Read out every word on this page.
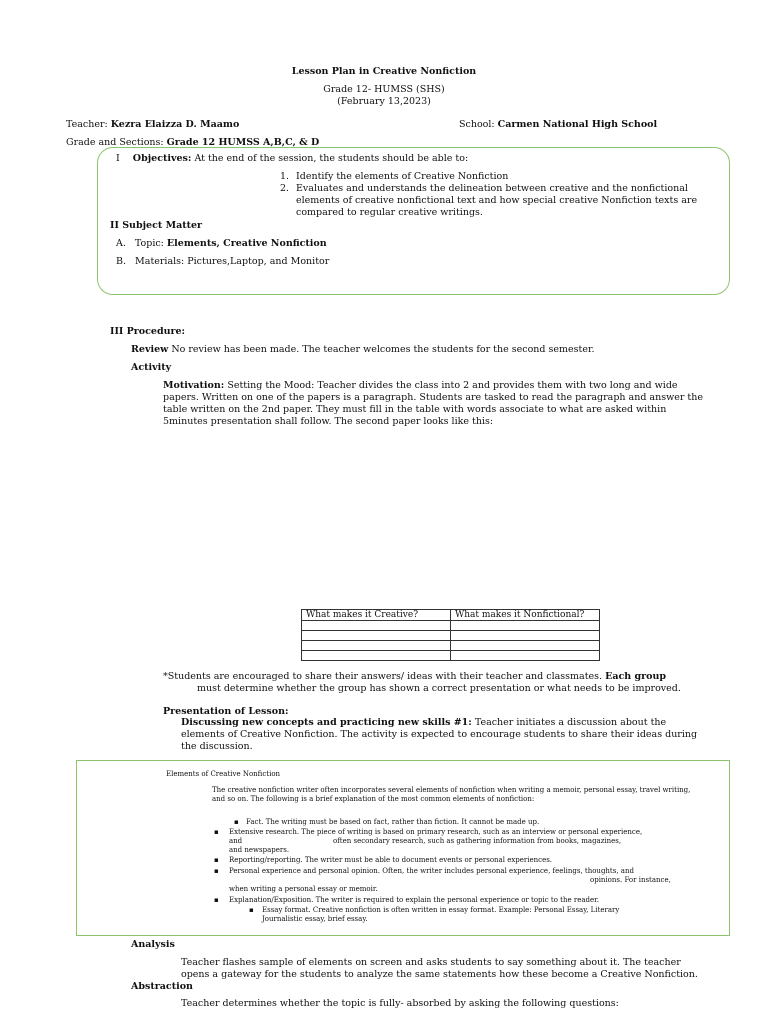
Lesson Plan in Creative Nonfiction
Grade 12- HUMSS (SHS)
(February 13,2023)
Teacher: Kezra Elaizza D. Maamo	School: Carmen National High School
Grade and Sections: Grade 12 HUMSS A,B,C, & D
I Objectives: At the end of the session, the students should be able to:
1. Identify the elements of Creative Nonfiction
2. Evaluates and understands the delineation between creative and the nonfictional elements of creative nonfictional text and how special creative Nonfiction texts are compared to regular creative writings.
II Subject Matter
A. Topic: Elements, Creative Nonfiction
B. Materials: Pictures,Laptop, and Monitor
III Procedure:
Review No review has been made. The teacher welcomes the students for the second semester.
Activity
Motivation: Setting the Mood: Teacher divides the class into 2 and provides them with two long and wide papers. Written on one of the papers is a paragraph. Students are tasked to read the paragraph and answer the table written on the 2nd paper. They must fill in the table with words associate to what are asked within 5minutes presentation shall follow. The second paper looks like this:
What makes it Creative?	What makes it Nonfictional?

*Students are encouraged to share their answers/ ideas with their teacher and classmates. Each group
must determine whether the group has shown a correct presentation or what needs to be improved.
Presentation of Lesson:
Discussing new concepts and practicing new skills #1: Teacher initiates a discussion about the elements of Creative Nonfiction. The activity is expected to encourage students to share their ideas during the discussion.
Elements of Creative Nonfiction
The creative nonfiction writer often incorporates several elements of nonfiction when writing a memoir, personal essay, travel writing, and so on. The following is a brief explanation of the most common elements of nonfiction:
▪ Fact. The writing must be based on fact, rather than fiction. It cannot be made up.
▪ Extensive research. The piece of writing is based on primary research, such as an interview or personal experience,
and	often secondary research, such as gathering information from books, magazines,
and newspapers.
▪ Reporting/reporting. The writer must be able to document events or personal experiences.
▪ Personal experience and personal opinion. Often, the writer includes personal experience, feelings, thoughts, and
opinions. For instance,
when writing a personal essay or memoir.
▪ Explanation/Exposition. The writer is required to explain the personal experience or topic to the reader.
▪ Essay format. Creative nonfiction is often written in essay format. Example: Personal Essay, Literary
Journalistic essay, brief essay.
Analysis
Teacher flashes sample of elements on screen and asks students to say something about it. The teacher
opens a gateway for the students to analyze the same statements how these become a Creative Nonfiction.
Abstraction
Teacher determines whether the topic is fully- absorbed by asking the following questions:
